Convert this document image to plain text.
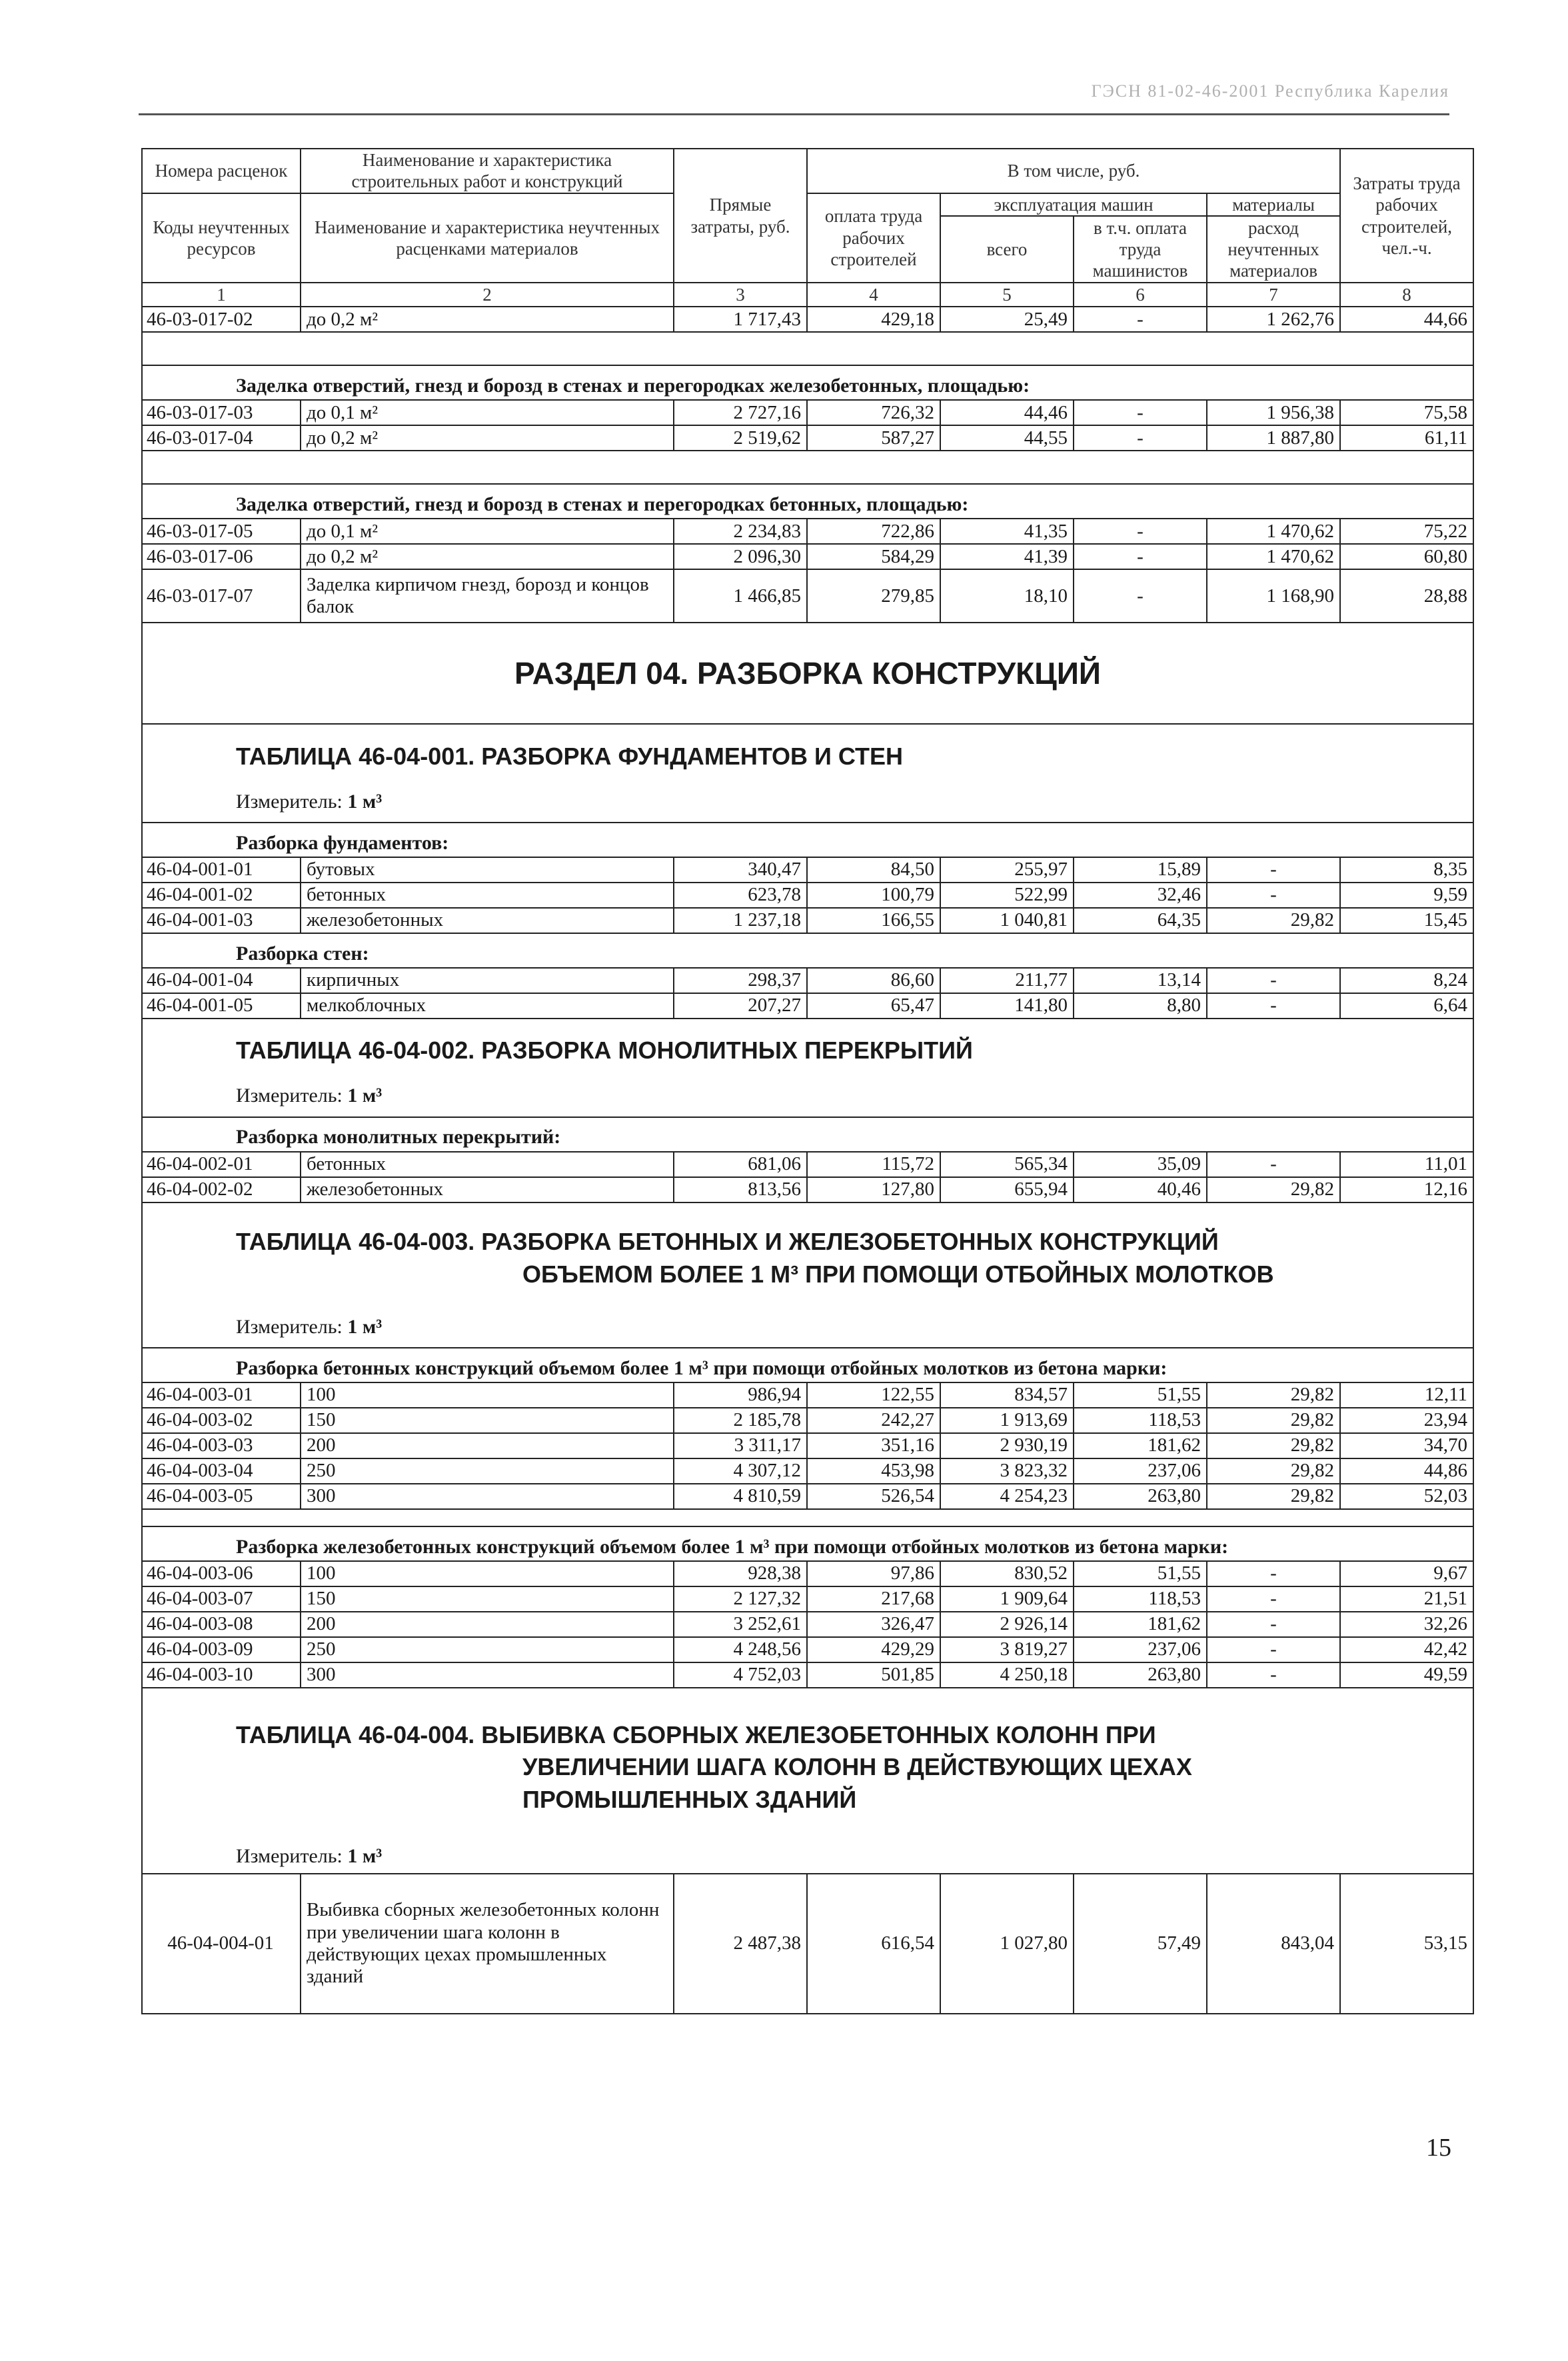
ГЭСН 81-02-46-2001 Республика Карелия
Номера расценок	Наименование и характеристика строительных работ и конструкций	Прямые затраты, руб.	В том числе, руб.				Затраты труда рабочих строителей, чел.-ч.
Коды неучтенных ресурсов	Наименование и характеристика неучтенных расценками материалов		оплата труда рабочих строителей	эксплуатация машин		материалы	
				всего	в т.ч. оплата труда машинистов	расход неучтенных материалов	

1	2	3	4	5	6	7	8
46-03-017-02	до 0,2 м²	1 717,43	429,18	25,49	-	1 262,76	44,66

Заделка отверстий, гнезд и борозд в стенах и перегородках железобетонных, площадью:							
46-03-017-03	до 0,1 м²	2 727,16	726,32	44,46	-	1 956,38	75,58
46-03-017-04	до 0,2 м²	2 519,62	587,27	44,55	-	1 887,80	61,11

Заделка отверстий, гнезд и борозд в стенах и перегородках бетонных, площадью:							
46-03-017-05	до 0,1 м²	2 234,83	722,86	41,35	-	1 470,62	75,22
46-03-017-06	до 0,2 м²	2 096,30	584,29	41,39	-	1 470,62	60,80
46-03-017-07	Заделка кирпичом гнезд, борозд и концов балок	1 466,85	279,85	18,10	-	1 168,90	28,88
РАЗДЕЛ 04. РАЗБОРКА КОНСТРУКЦИЙ							

ТАБЛИЦА 46-04-001. РАЗБОРКА ФУНДАМЕНТОВ И СТЕН							

Измеритель: 1 м³							
Разборка фундаментов:							
46-04-001-01	бутовых	340,47	84,50	255,97	15,89	-	8,35
46-04-001-02	бетонных	623,78	100,79	522,99	32,46	-	9,59
46-04-001-03	железобетонных	1 237,18	166,55	1 040,81	64,35	29,82	15,45
Разборка стен:							
46-04-001-04	кирпичных	298,37	86,60	211,77	13,14	-	8,24
46-04-001-05	мелкоблочных	207,27	65,47	141,80	8,80	-	6,64

ТАБЛИЦА 46-04-002. РАЗБОРКА МОНОЛИТНЫХ ПЕРЕКРЫТИЙ							

Измеритель: 1 м³							
Разборка монолитных перекрытий:							
46-04-002-01	бетонных	681,06	115,72	565,34	35,09	-	11,01
46-04-002-02	железобетонных	813,56	127,80	655,94	40,46	29,82	12,16

ТАБЛИЦА 46-04-003. РАЗБОРКА БЕТОННЫХ И ЖЕЛЕЗОБЕТОННЫХ КОНСТРУКЦИЙ
ОБЪЕМОМ БОЛЕЕ 1 М³ ПРИ ПОМОЩИ ОТБОЙНЫХ МОЛОТКОВ							

Измеритель: 1 м³							
Разборка бетонных конструкций объемом более 1 м³ при помощи отбойных молотков из бетона марки:							
46-04-003-01	100	986,94	122,55	834,57	51,55	29,82	12,11
46-04-003-02	150	2 185,78	242,27	1 913,69	118,53	29,82	23,94
46-04-003-03	200	3 311,17	351,16	2 930,19	181,62	29,82	34,70
46-04-003-04	250	4 307,12	453,98	3 823,32	237,06	29,82	44,86
46-04-003-05	300	4 810,59	526,54	4 254,23	263,80	29,82	52,03

Разборка железобетонных конструкций объемом более 1 м³ при помощи отбойных молотков из бетона марки:							
46-04-003-06	100	928,38	97,86	830,52	51,55	-	9,67
46-04-003-07	150	2 127,32	217,68	1 909,64	118,53	-	21,51
46-04-003-08	200	3 252,61	326,47	2 926,14	181,62	-	32,26
46-04-003-09	250	4 248,56	429,29	3 819,27	237,06	-	42,42
46-04-003-10	300	4 752,03	501,85	4 250,18	263,80	-	49,59

ТАБЛИЦА 46-04-004. ВЫБИВКА СБОРНЫХ ЖЕЛЕЗОБЕТОННЫХ КОЛОНН ПРИ
УВЕЛИЧЕНИИ ШАГА КОЛОНН В ДЕЙСТВУЮЩИХ ЦЕХАХ
ПРОМЫШЛЕННЫХ ЗДАНИЙ							

Измеритель: 1 м³							
46-04-004-01	Выбивка сборных железобетонных колонн при увеличении шага колонн в действующих цехах промышленных зданий	2 487,38	616,54	1 027,80	57,49	843,04	53,15
15
